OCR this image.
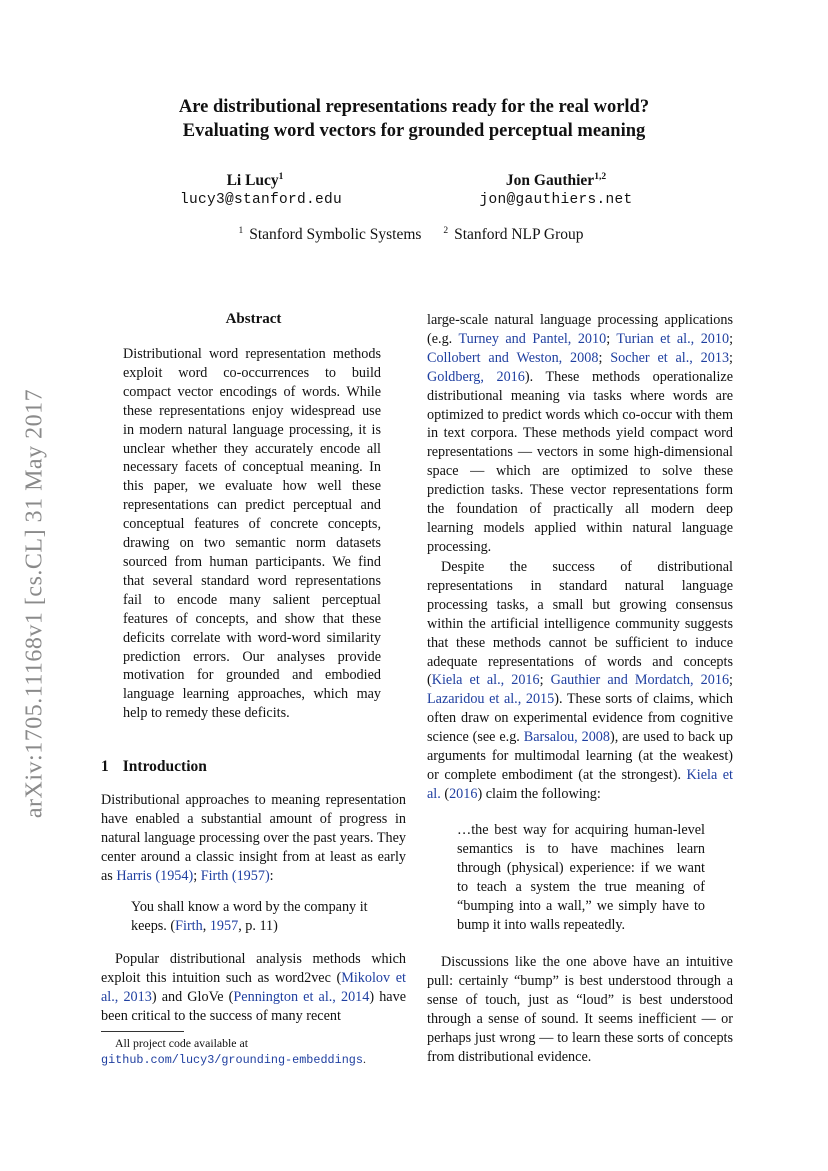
Are distributional representations ready for the real world?
Evaluating word vectors for grounded perceptual meaning
Li Lucy$^1$
lucy3@stanford.edu
Jon Gauthier$^{1,2}$
jon@gauthiers.net
$^1$ Stanford Symbolic Systems $^2$ Stanford NLP Group
arXiv:1705.11168v1 [cs.CL] 31 May 2017
Abstract
Distributional word representation methods exploit word co-occurrences to build compact vector encodings of words. While these representations enjoy widespread use in modern natural language processing, it is unclear whether they accurately encode all necessary facets of conceptual meaning. In this paper, we evaluate how well these representations can predict perceptual and conceptual features of concrete concepts, drawing on two semantic norm datasets sourced from human participants. We find that several standard word representations fail to encode many salient perceptual features of concepts, and show that these deficits correlate with word-word similarity prediction errors. Our analyses provide motivation for grounded and embodied language learning approaches, which may help to remedy these deficits.
1 Introduction
Distributional approaches to meaning representation have enabled a substantial amount of progress in natural language processing over the past years. They center around a classic insight from at least as early as Harris (1954); Firth (1957):
You shall know a word by the company it keeps. (Firth, 1957, p. 11)
Popular distributional analysis methods which exploit this intuition such as word2vec (Mikolov et al., 2013) and GloVe (Pennington et al., 2014) have been critical to the success of many recent
All project code available at github.com/lucy3/grounding-embeddings.
large-scale natural language processing applications (e.g. Turney and Pantel, 2010; Turian et al., 2010; Collobert and Weston, 2008; Socher et al., 2013; Goldberg, 2016). These methods operationalize distributional meaning via tasks where words are optimized to predict words which co-occur with them in text corpora. These methods yield compact word representations — vectors in some high-dimensional space — which are optimized to solve these prediction tasks. These vector representations form the foundation of practically all modern deep learning models applied within natural language processing.
Despite the success of distributional representations in standard natural language processing tasks, a small but growing consensus within the artificial intelligence community suggests that these methods cannot be sufficient to induce adequate representations of words and concepts (Kiela et al., 2016; Gauthier and Mordatch, 2016; Lazaridou et al., 2015). These sorts of claims, which often draw on experimental evidence from cognitive science (see e.g. Barsalou, 2008), are used to back up arguments for multimodal learning (at the weakest) or complete embodiment (at the strongest). Kiela et al. (2016) claim the following:
…the best way for acquiring human-level semantics is to have machines learn through (physical) experience: if we want to teach a system the true meaning of “bumping into a wall,” we simply have to bump it into walls repeatedly.
Discussions like the one above have an intuitive pull: certainly “bump” is best understood through a sense of touch, just as “loud” is best understood through a sense of sound. It seems inefficient — or perhaps just wrong — to learn these sorts of concepts from distributional evidence.
